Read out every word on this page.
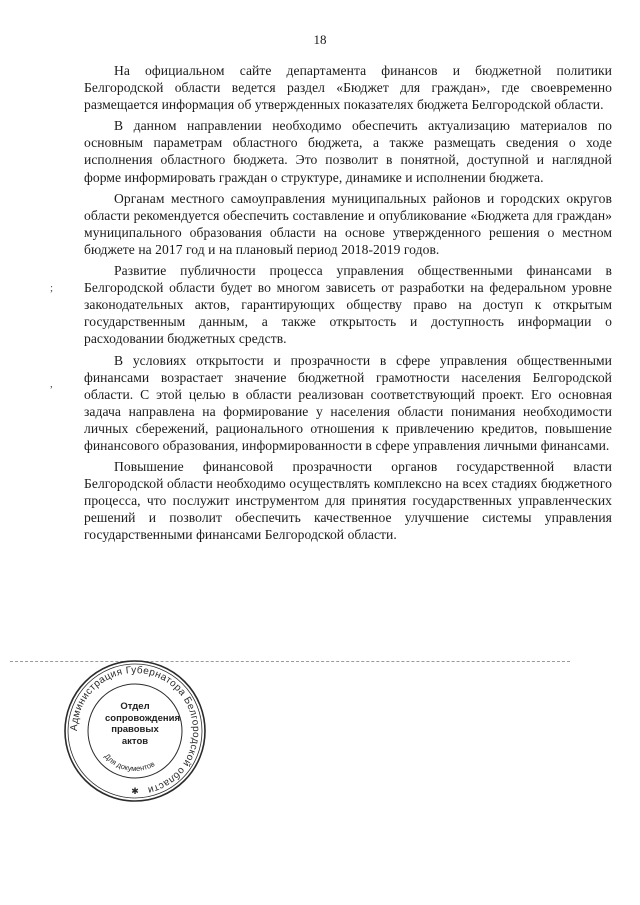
18
;
,

На официальном сайте департамента финансов и бюджетной политики Белгородской области ведется раздел «Бюджет для граждан», где своевременно размещается информация об утвержденных показателях бюджета Белгородской области.

В данном направлении необходимо обеспечить актуализацию материалов по основным параметрам областного бюджета, а также размещать сведения о ходе исполнения областного бюджета. Это позволит в понятной, доступной и наглядной форме информировать граждан о структуре, динамике и исполнении бюджета.

Органам местного самоуправления муниципальных районов и городских округов области рекомендуется обеспечить составление и опубликование «Бюджета для граждан» муниципального образования области на основе утвержденного решения о местном бюджете на 2017 год и на плановый период 2018-2019 годов.

Развитие публичности процесса управления общественными финансами в Белгородской области будет во многом зависеть от разработки на федеральном уровне законодательных актов, гарантирующих обществу право на доступ к открытым государственным данным, а также открытость и доступность информации о расходовании бюджетных средств.

В условиях открытости и прозрачности в сфере управления общественными финансами возрастает значение бюджетной грамотности населения Белгородской области. С этой целью в области реализован соответствующий проект. Его основная задача направлена на формирование у населения области понимания необходимости личных сбережений, рационального отношения к привлечению кредитов, повышение финансового образования, информированности в сфере управления личными финансами.

Повышение финансовой прозрачности органов государственной власти Белгородской области необходимо осуществлять комплексно на всех стадиях бюджетного процесса, что послужит инструментом для принятия государственных управленческих решений и позволит обеспечить качественное улучшение системы управления государственными финансами Белгородской области.

Администрация Губернатора Белгородской области
Для документов
✱
Отдел
сопровождения
правовых
актов
